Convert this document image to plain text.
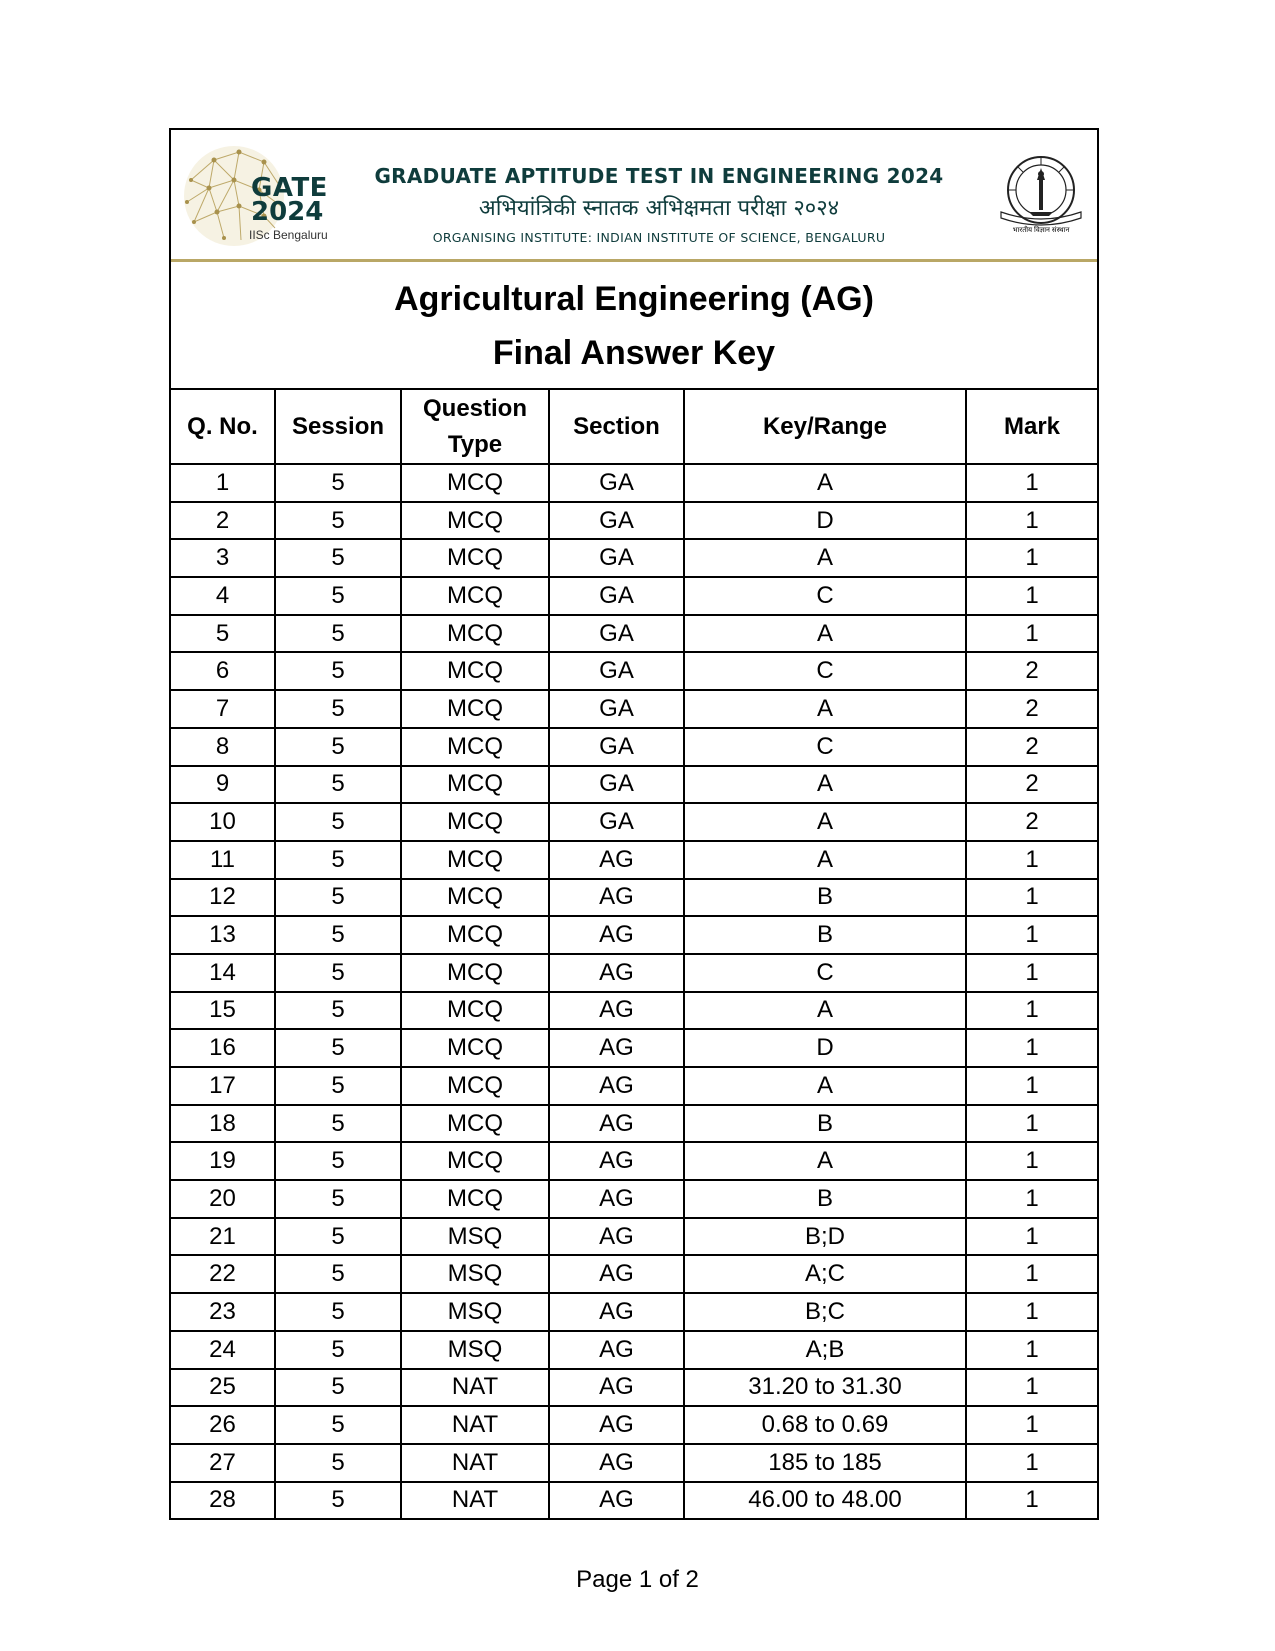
GATE
2024
IISc Bengaluru
GRADUATE APTITUDE TEST IN ENGINEERING 2024
अभियांत्रिकी स्नातक अभिक्षमता परीक्षा २०२४
ORGANISING INSTITUTE: INDIAN INSTITUTE OF SCIENCE, BENGALURU	भारतीय विज्ञान संस्थान
Agricultural Engineering (AG)
Final Answer Key
Q. No.	Session	Question Type	Section	Key/Range	Mark
1	5	MCQ	GA	A	1
2	5	MCQ	GA	D	1
3	5	MCQ	GA	A	1
4	5	MCQ	GA	C	1
5	5	MCQ	GA	A	1
6	5	MCQ	GA	C	2
7	5	MCQ	GA	A	2
8	5	MCQ	GA	C	2
9	5	MCQ	GA	A	2
10	5	MCQ	GA	A	2
11	5	MCQ	AG	A	1
12	5	MCQ	AG	B	1
13	5	MCQ	AG	B	1
14	5	MCQ	AG	C	1
15	5	MCQ	AG	A	1
16	5	MCQ	AG	D	1
17	5	MCQ	AG	A	1
18	5	MCQ	AG	B	1
19	5	MCQ	AG	A	1
20	5	MCQ	AG	B	1
21	5	MSQ	AG	B;D	1
22	5	MSQ	AG	A;C	1
23	5	MSQ	AG	B;C	1
24	5	MSQ	AG	A;B	1
25	5	NAT	AG	31.20 to 31.30	1
26	5	NAT	AG	0.68 to 0.69	1
27	5	NAT	AG	185 to 185	1
28	5	NAT	AG	46.00 to 48.00	1
Page 1 of 2
